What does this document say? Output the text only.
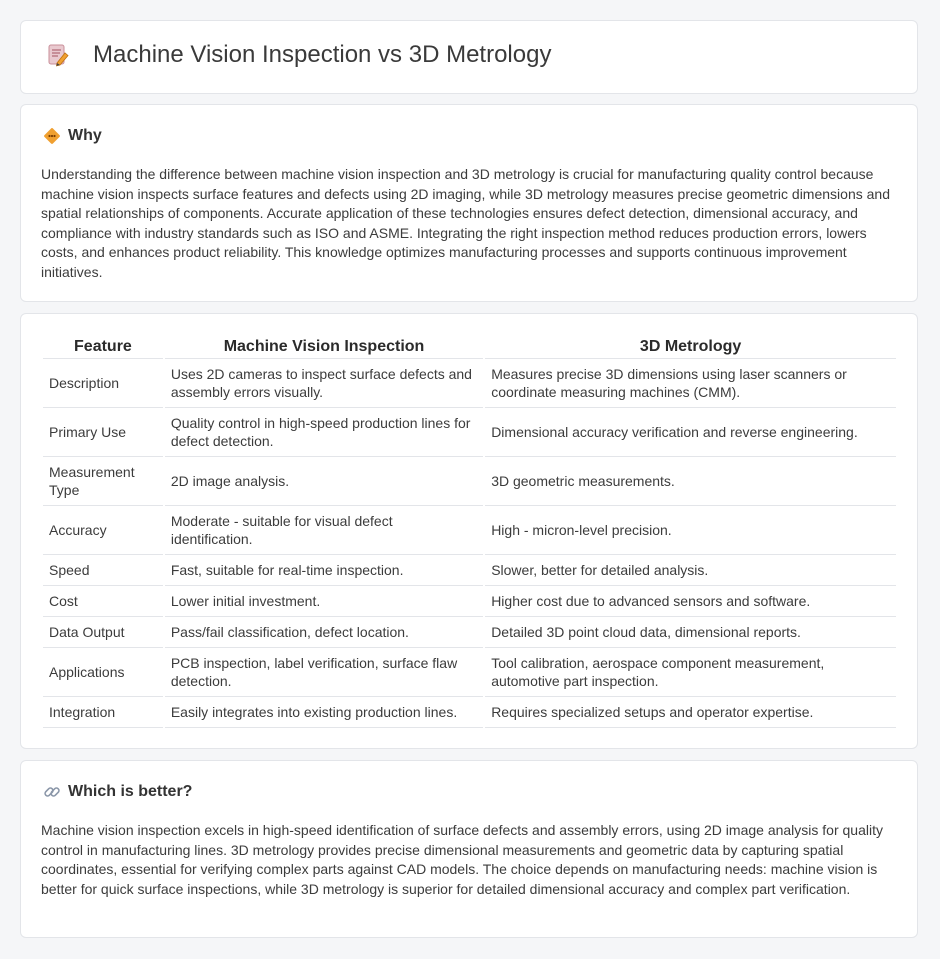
Machine Vision Inspection vs 3D Metrology
Why

Understanding the difference between machine vision inspection and 3D metrology is crucial for manufacturing quality control because machine vision inspects surface features and defects using 2D imaging, while 3D metrology measures precise geometric dimensions and spatial relationships of components. Accurate application of these technologies ensures defect detection, dimensional accuracy, and compliance with industry standards such as ISO and ASME. Integrating the right inspection method reduces production errors, lowers costs, and enhances product reliability. This knowledge optimizes manufacturing processes and supports continuous improvement initiatives.

Feature	Machine Vision Inspection	3D Metrology
Description	Uses 2D cameras to inspect surface defects and assembly errors visually.	Measures precise 3D dimensions using laser scanners or coordinate measuring machines (CMM).
Primary Use	Quality control in high-speed production lines for defect detection.	Dimensional accuracy verification and reverse engineering.
Measurement Type	2D image analysis.	3D geometric measurements.
Accuracy	Moderate - suitable for visual defect identification.	High - micron-level precision.
Speed	Fast, suitable for real-time inspection.	Slower, better for detailed analysis.
Cost	Lower initial investment.	Higher cost due to advanced sensors and software.
Data Output	Pass/fail classification, defect location.	Detailed 3D point cloud data, dimensional reports.
Applications	PCB inspection, label verification, surface flaw detection.	Tool calibration, aerospace component measurement, automotive part inspection.
Integration	Easily integrates into existing production lines.	Requires specialized setups and operator expertise.
Which is better?

Machine vision inspection excels in high-speed identification of surface defects and assembly errors, using 2D image analysis for quality control in manufacturing lines. 3D metrology provides precise dimensional measurements and geometric data by capturing spatial coordinates, essential for verifying complex parts against CAD models. The choice depends on manufacturing needs: machine vision is better for quick surface inspections, while 3D metrology is superior for detailed dimensional accuracy and complex part verification.
